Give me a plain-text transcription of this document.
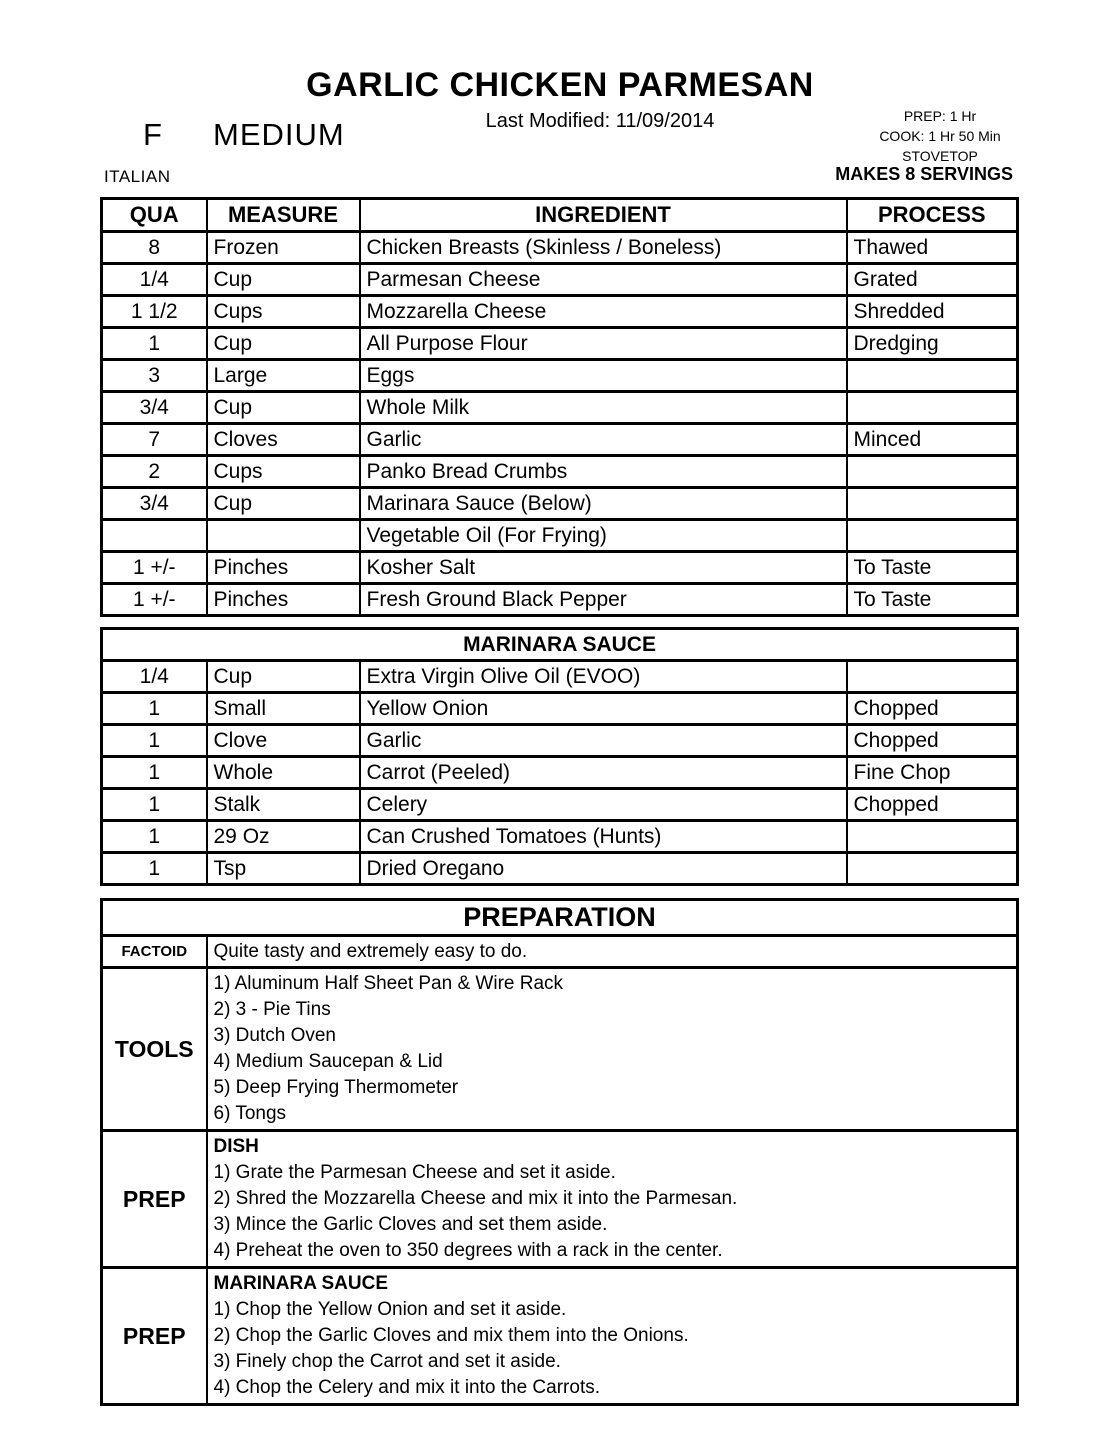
GARLIC CHICKEN PARMESAN
Last Modified: 11/09/2014
F MEDIUM
PREP: 1 Hr
COOK: 1 Hr 50 Min
STOVETOP
ITALIAN	MAKES 8 SERVINGS
QUA	MEASURE	INGREDIENT	PROCESS
8	Frozen	Chicken Breasts (Skinless / Boneless)	Thawed
1/4	Cup	Parmesan Cheese	Grated
1 1/2	Cups	Mozzarella Cheese	Shredded
1	Cup	All Purpose Flour	Dredging
3	Large	Eggs	
3/4	Cup	Whole Milk	
7	Cloves	Garlic	Minced
2	Cups	Panko Bread Crumbs	
3/4	Cup	Marinara Sauce (Below)	
		Vegetable Oil (For Frying)	
1 +/-	Pinches	Kosher Salt	To Taste
1 +/-	Pinches	Fresh Ground Black Pepper	To Taste
MARINARA SAUCE			
1/4	Cup	Extra Virgin Olive Oil (EVOO)	
1	Small	Yellow Onion	Chopped
1	Clove	Garlic	Chopped
1	Whole	Carrot (Peeled)	Fine Chop
1	Stalk	Celery	Chopped
1	29 Oz	Can Crushed Tomatoes (Hunts)	
1	Tsp	Dried Oregano	
PREPARATION	
FACTOID	Quite tasty and extremely easy to do.
TOOLS	
1) Aluminum Half Sheet Pan & Wire Rack
2) 3 - Pie Tins
3) Dutch Oven
4) Medium Saucepan & Lid
5) Deep Frying Thermometer
6) Tongs

PREP	DISH
1) Grate the Parmesan Cheese and set it aside.
2) Shred the Mozzarella Cheese and mix it into the Parmesan.
3) Mince the Garlic Cloves and set them aside.
4) Preheat the oven to 350 degrees with a rack in the center.

PREP	MARINARA SAUCE
1) Chop the Yellow Onion and set it aside.
2) Chop the Garlic Cloves and mix them into the Onions.
3) Finely chop the Carrot and set it aside.
4) Chop the Celery and mix it into the Carrots.
